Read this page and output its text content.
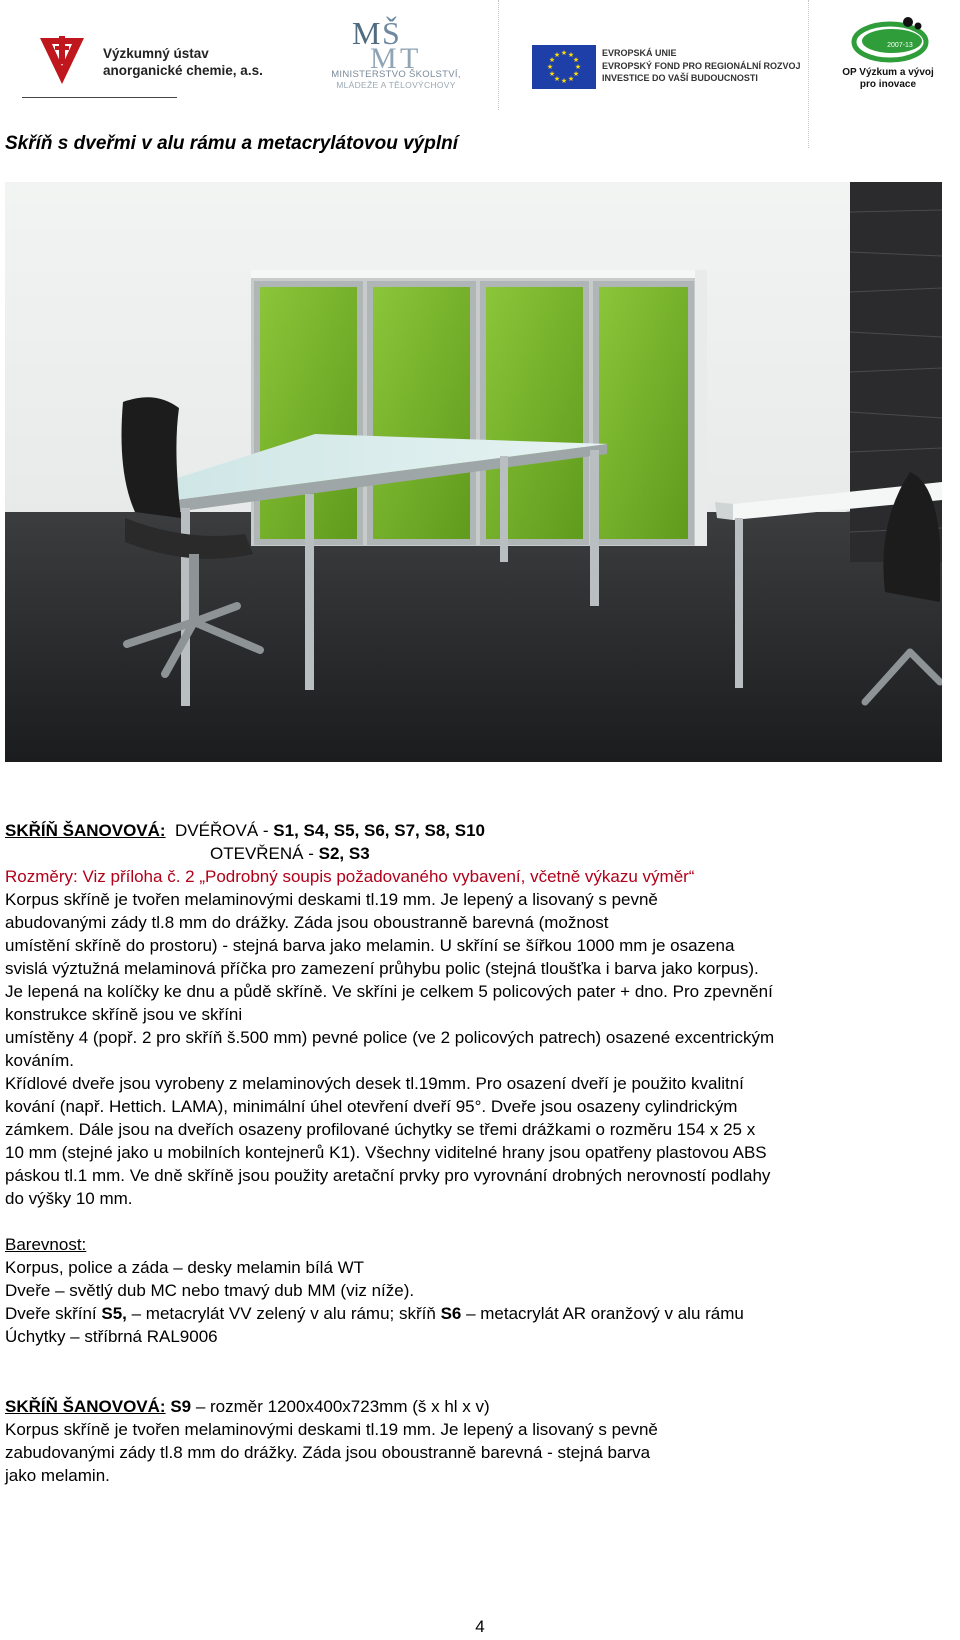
Výzkumný ústav
anorganické chemie, a.s.
M Š
M T
MINISTERSTVO ŠKOLSTVÍ,
MLÁDEŽE A TĚLOVÝCHOVY
★ ★
★
★
★
★
★
★
★
★
★
★	EVROPSKÁ UNIE
EVROPSKÝ FOND PRO REGIONÁLNÍ ROZVOJ
INVESTICE DO VAŠÍ BUDOUCNOSTI
2007-13
OP Výzkum a vývoj
pro inovace
Skříň s dveřmi v alu rámu a metacrylátovou výplní
SKŘÍŇ ŠANOVOVÁ: DVÉŘOVÁ - S1, S4, S5, S6, S7, S8, S10
OTEVŘENÁ - S2, S3
Rozměry: Viz příloha č. 2 „Podrobný soupis požadovaného vybavení, včetně výkazu výměr“
Korpus skříně je tvořen melaminovými deskami tl.19 mm. Je lepený a lisovaný s pevně
abudovanými zády tl.8 mm do drážky. Záda jsou oboustranně barevná (možnost
umístění skříně do prostoru) - stejná barva jako melamin. U skříní se šířkou 1000 mm je osazena
svislá výztužná melaminová příčka pro zamezení průhybu polic (stejná tloušťka i barva jako korpus).
Je lepená na kolíčky ke dnu a půdě skříně. Ve skříni je celkem 5 policových pater + dno. Pro zpevnění
konstrukce skříně jsou ve skříni
umístěny 4 (popř. 2 pro skříň š.500 mm) pevné police (ve 2 policových patrech) osazené excentrickým
kováním.
Křídlové dveře jsou vyrobeny z melaminových desek tl.19mm. Pro osazení dveří je použito kvalitní
kování (např. Hettich. LAMA), minimální úhel otevření dveří 95°. Dveře jsou osazeny cylindrickým
zámkem. Dále jsou na dveřích osazeny profilované úchytky se třemi drážkami o rozměru 154 x 25 x
10 mm (stejné jako u mobilních kontejnerů K1). Všechny viditelné hrany jsou opatřeny plastovou ABS
páskou tl.1 mm. Ve dně skříně jsou použity aretační prvky pro vyrovnání drobných nerovností podlahy
do výšky 10 mm.
Barevnost:
Korpus, police a záda – desky melamin bílá WT
Dveře – světlý dub MC nebo tmavý dub MM (viz níže).
Dveře skříní S5, – metacrylát VV zelený v alu rámu; skříň S6 – metacrylát AR oranžový v alu rámu
Úchytky – stříbrná RAL9006
SKŘÍŇ ŠANOVOVÁ: S9 – rozměr 1200x400x723mm (š x hl x v)
Korpus skříně je tvořen melaminovými deskami tl.19 mm. Je lepený a lisovaný s pevně
zabudovanými zády tl.8 mm do drážky. Záda jsou oboustranně barevná - stejná barva
jako melamin.
4
